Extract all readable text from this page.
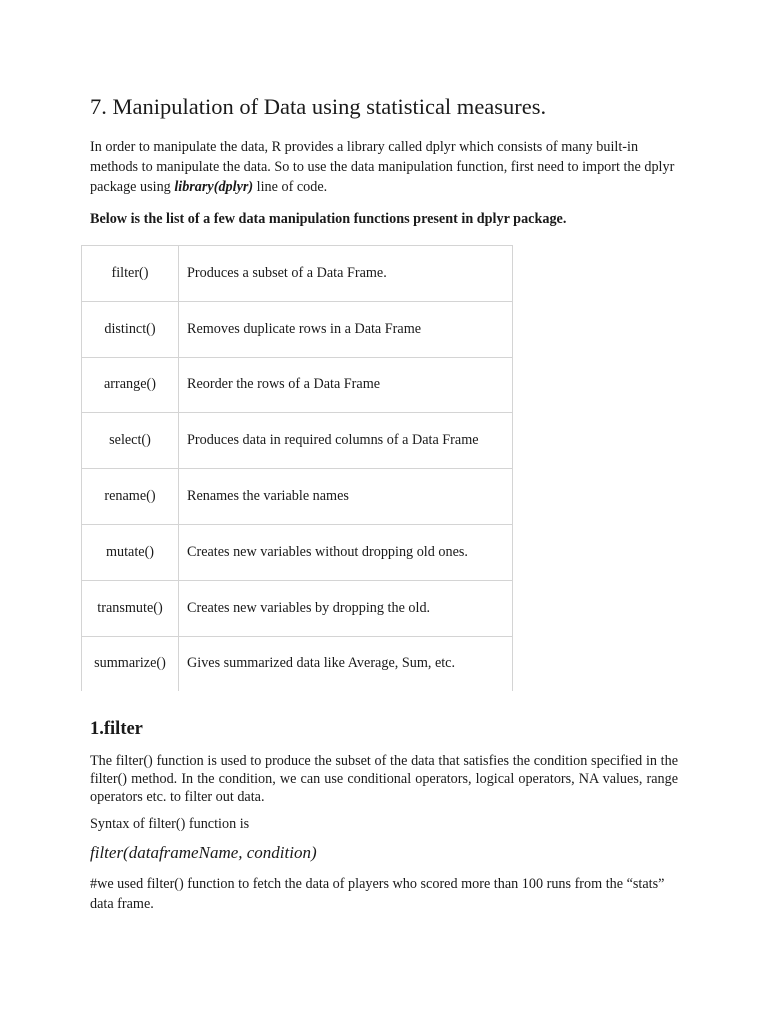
7. Manipulation of Data using statistical measures.

In order to manipulate the data, R provides a library called dplyr which consists of many built-in methods to manipulate the data. So to use the data manipulation function, first need to import the dplyr package using library(dplyr) line of code.

Below is the list of a few data manipulation functions present in dplyr package.

filter()	Produces a subset of a Data Frame.
distinct()	Removes duplicate rows in a Data Frame
arrange()	Reorder the rows of a Data Frame
select()	Produces data in required columns of a Data Frame
rename()	Renames the variable names
mutate()	Creates new variables without dropping old ones.
transmute()	Creates new variables by dropping the old.
summarize()	Gives summarized data like Average, Sum, etc.
1.filter

The filter() function is used to produce the subset of the data that satisfies the condition specified in the filter() method. In the condition, we can use conditional operators, logical operators, NA values, range operators etc. to filter out data.

Syntax of filter() function is

filter(dataframeName, condition)

#we used filter() function to fetch the data of players who scored more than 100 runs from the “stats” data frame.
